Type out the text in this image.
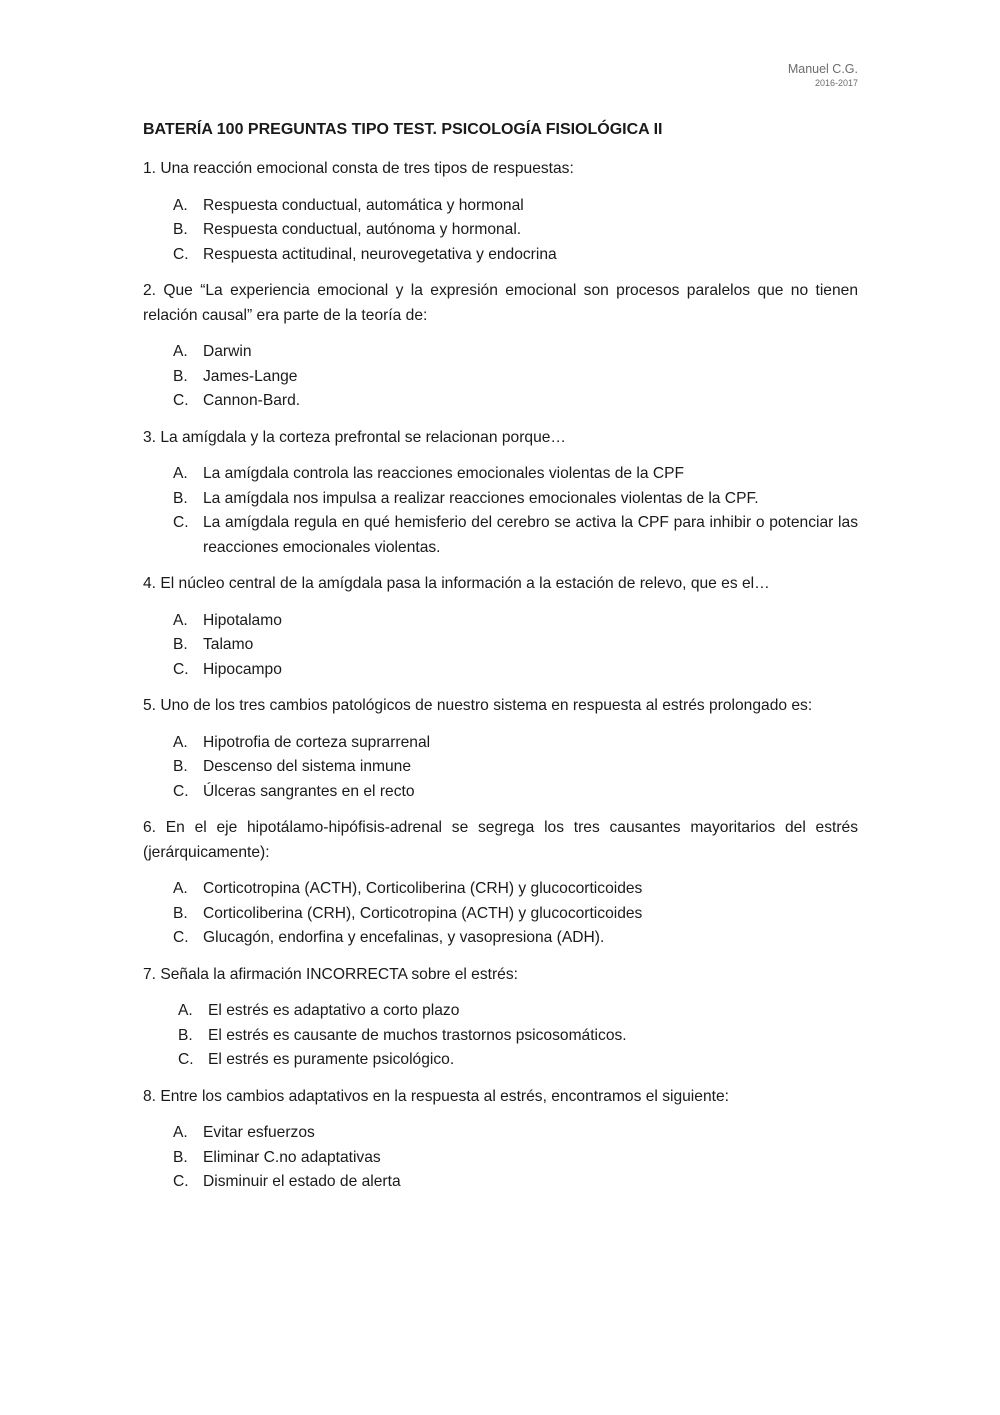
Manuel C.G.
2016-2017
BATERÍA 100 PREGUNTAS TIPO TEST. PSICOLOGÍA FISIOLÓGICA II
1. Una reacción emocional consta de tres tipos de respuestas:
A. Respuesta conductual, automática y hormonal
B. Respuesta conductual, autónoma y hormonal.
C. Respuesta actitudinal, neurovegetativa y endocrina
2. Que “La experiencia emocional y la expresión emocional son procesos paralelos que no tienen relación causal” era parte de la teoría de:
A. Darwin
B. James-Lange
C. Cannon-Bard.
3. La amígdala y la corteza prefrontal se relacionan porque…
A. La amígdala controla las reacciones emocionales violentas de la CPF
B. La amígdala nos impulsa a realizar reacciones emocionales violentas de la CPF.
C. La amígdala regula en qué hemisferio del cerebro se activa la CPF para inhibir o potenciar las reacciones emocionales violentas.
4. El núcleo central de la amígdala pasa la información a la estación de relevo, que es el…
A. Hipotalamo
B. Talamo
C. Hipocampo
5. Uno de los tres cambios patológicos de nuestro sistema en respuesta al estrés prolongado es:
A. Hipotrofia de corteza suprarrenal
B. Descenso del sistema inmune
C. Úlceras sangrantes en el recto
6. En el eje hipotálamo-hipófisis-adrenal se segrega los tres causantes mayoritarios del estrés (jerárquicamente):
A. Corticotropina (ACTH), Corticoliberina (CRH) y glucocorticoides
B. Corticoliberina (CRH), Corticotropina (ACTH) y glucocorticoides
C. Glucagón, endorfina y encefalinas, y vasopresiona (ADH).
7. Señala la afirmación INCORRECTA sobre el estrés:
A. El estrés es adaptativo a corto plazo
B. El estrés es causante de muchos trastornos psicosomáticos.
C. El estrés es puramente psicológico.
8. Entre los cambios adaptativos en la respuesta al estrés, encontramos el siguiente:
A. Evitar esfuerzos
B. Eliminar C.no adaptativas
C. Disminuir el estado de alerta
